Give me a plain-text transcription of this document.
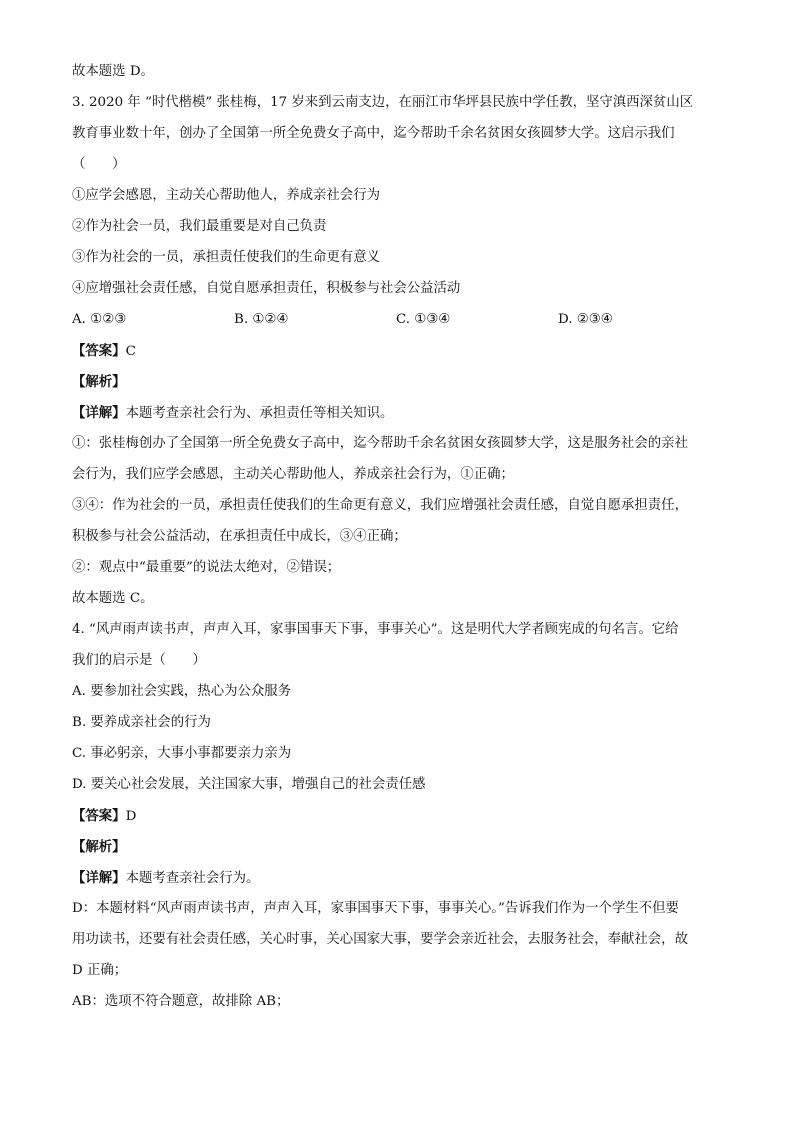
故本题选 D。
3. 2020 年 “时代楷模” 张桂梅，17 岁来到云南支边，在丽江市华坪县民族中学任教，坚守滇西深贫山区
教育事业数十年，创办了全国第一所全免费女子高中，迄今帮助千余名贫困女孩圆梦大学。这启示我们
（　　）
①应学会感恩，主动关心帮助他人，养成亲社会行为
②作为社会一员，我们最重要是对自己负责
③作为社会的一员，承担责任使我们的生命更有意义
④应增强社会责任感，自觉自愿承担责任，积极参与社会公益活动
A. ①②③	B. ①②④	C. ①③④	D. ②③④
【答案】C
【解析】
【详解】本题考查亲社会行为、承担责任等相关知识。
①：张桂梅创办了全国第一所全免费女子高中，迄今帮助千余名贫困女孩圆梦大学，这是服务社会的亲社
会行为，我们应学会感恩，主动关心帮助他人，养成亲社会行为，①正确；
③④：作为社会的一员，承担责任使我们的生命更有意义，我们应增强社会责任感，自觉自愿承担责任，
积极参与社会公益活动，在承担责任中成长，③④正确；
②：观点中“最重要”的说法太绝对，②错误；
故本题选 C。
4. “风声雨声读书声，声声入耳，家事国事天下事，事事关心”。这是明代大学者顾宪成的句名言。它给
我们的启示是（　　）
A. 要参加社会实践，热心为公众服务
B. 要养成亲社会的行为
C. 事必躬亲，大事小事都要亲力亲为
D. 要关心社会发展，关注国家大事，增强自己的社会责任感
【答案】D
【解析】
【详解】本题考查亲社会行为。
D：本题材料“风声雨声读书声，声声入耳，家事国事天下事，事事关心。”告诉我们作为一个学生不但要
用功读书，还要有社会责任感，关心时事，关心国家大事，要学会亲近社会，去服务社会，奉献社会，故
D 正确；
AB：选项不符合题意，故排除 AB；
